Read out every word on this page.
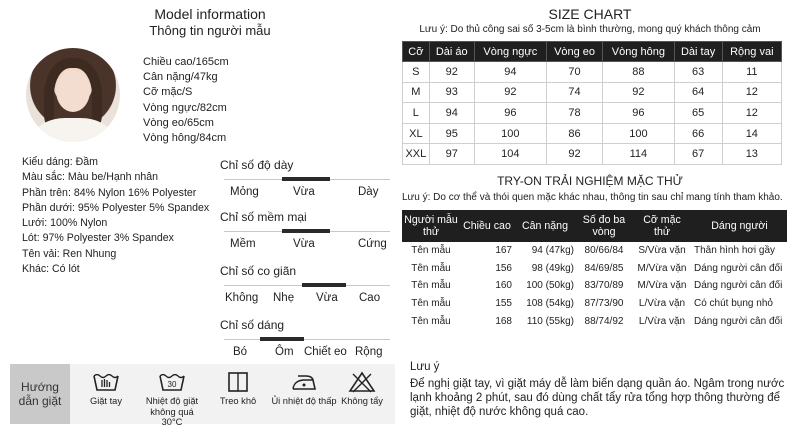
Model information
Thông tin người mẫu
Chiều cao/165cm
Cân nặng/47kg
Cỡ mặc/S
Vòng ngực/82cm
Vòng eo/65cm
Vòng hông/84cm
Kiểu dáng: Đầm
Màu sắc: Màu be/Hạnh nhân
Phần trên: 84% Nylon 16% Polyester
Phần dưới: 95% Polyester 5% Spandex
Lưới: 100% Nylon
Lót: 97% Polyester 3% Spandex
Tên vải: Ren Nhung
Khác: Có lót
Chỉ số độ dày
Mỏng	Vừa	Dày
Chỉ số mềm mại
Mềm	Vừa	Cứng
Chỉ số co giãn
Không Nhẹ Vừa Cao
Chỉ số dáng
Bó Ôm Chiết eo Rộng
SIZE CHART
Lưu ý: Do thủ công sai số 3-5cm là bình thường, mong quý khách thông cảm
Cỡ	Dài áo	Vòng ngực	Vòng eo	Vòng hông	Dài tay	Rộng vai
S	92	94	70	88	63	11
M	93	92	74	92	64	12
L	94	96	78	96	65	12
XL	95	100	86	100	66	14
XXL	97	104	92	114	67	13
TRY-ON TRẢI NGHIỆM MẶC THỬ
Lưu ý: Do cơ thể và thói quen mặc khác nhau, thông tin sau chỉ mang tính tham khảo.
Người mẫu thử	Chiều cao	Cân nặng	Số đo ba vòng	Cỡ mặc thử	Dáng người
Tên mẫu	167	94 (47kg)	80/66/84	S/Vừa vặn	Thân hình hơi gầy
Tên mẫu	156	98 (49kg)	84/69/85	M/Vừa vặn	Dáng người cân đối
Tên mẫu	160	100 (50kg)	83/70/89	M/Vừa vặn	Dáng người cân đối
Tên mẫu	155	108 (54kg)	87/73/90	L/Vừa vặn	Có chút bụng nhỏ
Tên mẫu	168	110 (55kg)	88/74/92	L/Vừa vặn	Dáng người cân đối
Hướng dẫn giặt	Giặt tay
30
Nhiệt độ giặt không quá 30°C
Treo khô	Ủi nhiệt độ thấp Không tẩy
Lưu ý
Để nghị giặt tay, vì giặt máy dễ làm biến dạng quần áo. Ngâm trong nước lạnh khoảng 2 phút, sau đó dùng chất tẩy rửa tổng hợp thông thường để giặt, nhiệt độ nước không quá cao.
